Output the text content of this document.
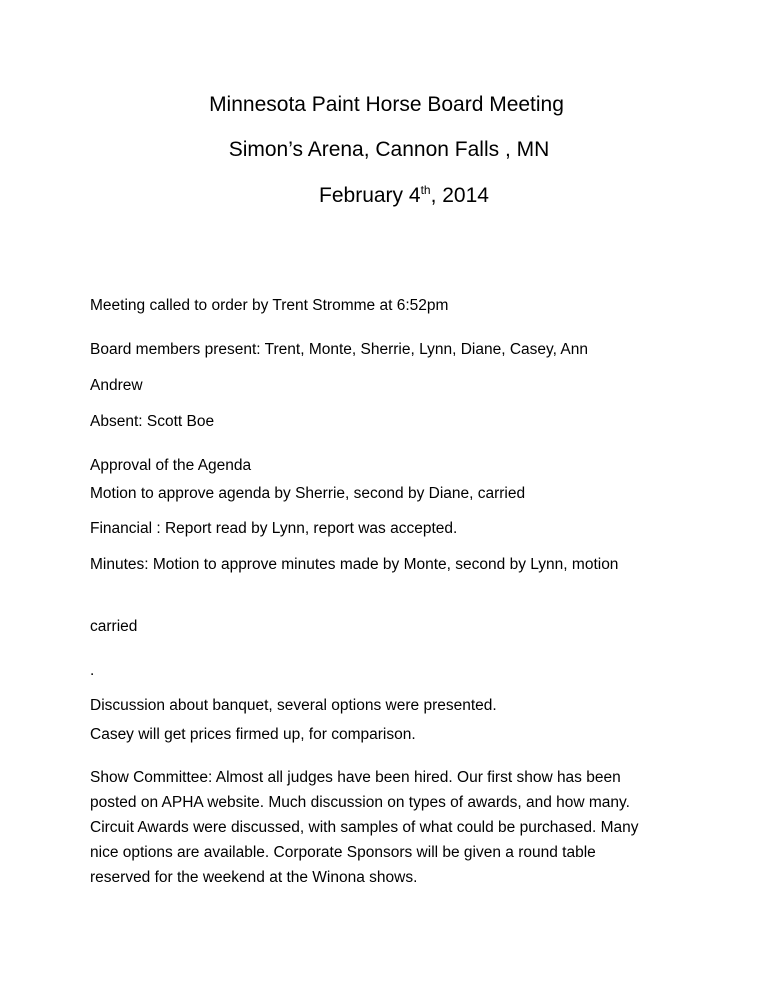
Minnesota Paint Horse Board Meeting
Simon’s Arena, Cannon Falls , MN
February 4th, 2014

Meeting called to order by Trent Stromme at 6:52pm

Board members present: Trent, Monte, Sherrie, Lynn, Diane, Casey, Ann

Andrew

Absent: Scott Boe

Approval of the Agenda

Motion to approve agenda by Sherrie, second by Diane, carried

Financial : Report read by Lynn, report was accepted.

Minutes: Motion to approve minutes made by Monte, second by Lynn, motion

carried

.

Discussion about banquet, several options were presented.

Casey will get prices firmed up, for comparison.

Show Committee: Almost all judges have been hired. Our first show has been

posted on APHA website. Much discussion on types of awards, and how many.

Circuit Awards were discussed, with samples of what could be purchased. Many

nice options are available. Corporate Sponsors will be given a round table

reserved for the weekend at the Winona shows.
